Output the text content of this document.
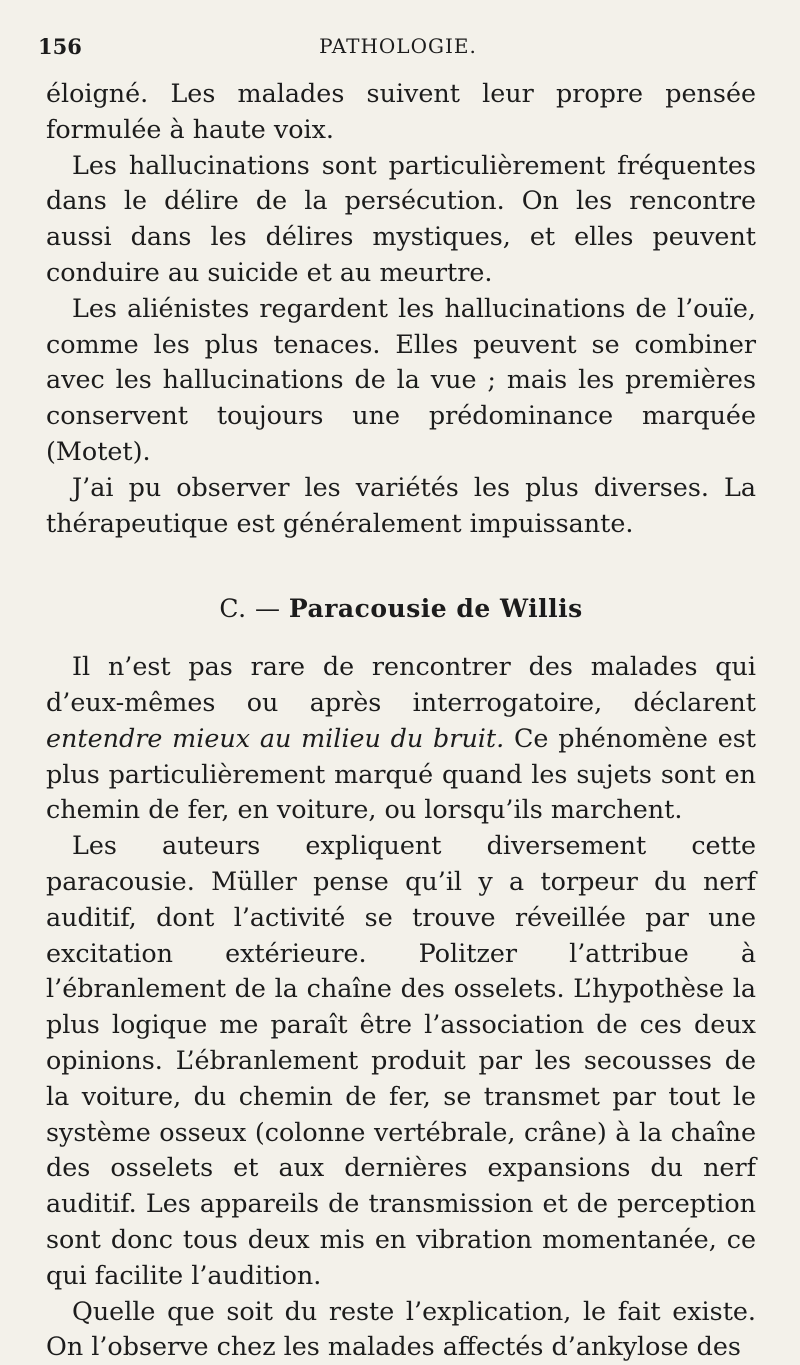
156	PATHOLOGIE.

éloigné. Les malades suivent leur propre pensée formulée à haute voix.

Les hallucinations sont particulièrement fréquentes dans le délire de la persécution. On les rencontre aussi dans les délires mystiques, et elles peuvent conduire au suicide et au meurtre.

Les aliénistes regardent les hallucinations de l’ouïe, comme les plus tenaces. Elles peuvent se combiner avec les hallucinations de la vue ; mais les premières conservent toujours une prédominance marquée (Motet).

J’ai pu observer les variétés les plus diverses. La thérapeutique est généralement impuissante.

C. — Paracousie de Willis

Il n’est pas rare de rencontrer des malades qui d’eux-mêmes ou après interrogatoire, déclarent entendre mieux au milieu du bruit. Ce phénomène est plus particulièrement marqué quand les sujets sont en chemin de fer, en voiture, ou lorsqu’ils marchent.

Les auteurs expliquent diversement cette paracousie. Müller pense qu’il y a torpeur du nerf auditif, dont l’activité se trouve réveillée par une excitation extérieure. Politzer l’attribue à l’ébranlement de la chaîne des osselets. L’hypothèse la plus logique me paraît être l’association de ces deux opinions. L’ébranlement produit par les secousses de la voiture, du chemin de fer, se transmet par tout le système osseux (colonne vertébrale, crâne) à la chaîne des osselets et aux dernières expansions du nerf auditif. Les appareils de transmission et de perception sont donc tous deux mis en vibration momentanée, ce qui facilite l’audition.

Quelle que soit du reste l’explication, le fait existe. On l’observe chez les malades affectés d’ankylose des
